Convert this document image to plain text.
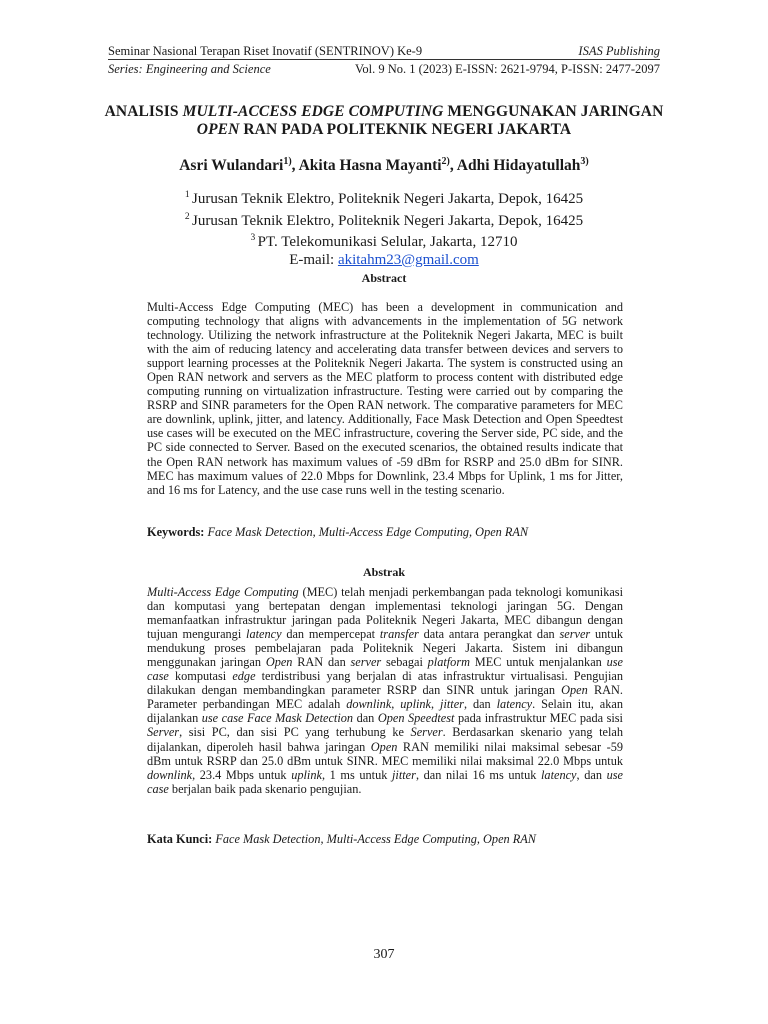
Seminar Nasional Terapan Riset Inovatif (SENTRINOV) Ke-9	ISAS Publishing
Series: Engineering and Science	Vol. 9 No. 1 (2023) E-ISSN: 2621-9794, P-ISSN: 2477-2097
ANALISIS MULTI-ACCESS EDGE COMPUTING MENGGUNAKAN JARINGAN OPEN RAN PADA POLITEKNIK NEGERI JAKARTA
Asri Wulandari$^{1)}$, Akita Hasna Mayanti$^{2)}$, Adhi Hidayatullah$^{3)}$
$^1$ Jurusan Teknik Elektro, Politeknik Negeri Jakarta, Depok, 16425
$^2$ Jurusan Teknik Elektro, Politeknik Negeri Jakarta, Depok, 16425
$^3$ PT. Telekomunikasi Selular, Jakarta, 12710
E-mail: akitahm23@gmail.com
Abstract
Multi-Access Edge Computing (MEC) has been a development in communication and computing technology that aligns with advancements in the implementation of 5G network technology. Utilizing the network infrastructure at the Politeknik Negeri Jakarta, MEC is built with the aim of reducing latency and accelerating data transfer between devices and servers to support learning processes at the Politeknik Negeri Jakarta. The system is constructed using an Open RAN network and servers as the MEC platform to process content with distributed edge computing running on virtualization infrastructure. Testing were carried out by comparing the RSRP and SINR parameters for the Open RAN network. The comparative parameters for MEC are downlink, uplink, jitter, and latency. Additionally, Face Mask Detection and Open Speedtest use cases will be executed on the MEC infrastructure, covering the Server side, PC side, and the PC side connected to Server. Based on the executed scenarios, the obtained results indicate that the Open RAN network has maximum values of -59 dBm for RSRP and 25.0 dBm for SINR. MEC has maximum values of 22.0 Mbps for Downlink, 23.4 Mbps for Uplink, 1 ms for Jitter, and 16 ms for Latency, and the use case runs well in the testing scenario.
Keywords: Face Mask Detection, Multi-Access Edge Computing, Open RAN
Abstrak
Multi-Access Edge Computing (MEC) telah menjadi perkembangan pada teknologi komunikasi dan komputasi yang bertepatan dengan implementasi teknologi jaringan 5G. Dengan memanfaatkan infrastruktur jaringan pada Politeknik Negeri Jakarta, MEC dibangun dengan tujuan mengurangi latency dan mempercepat transfer data antara perangkat dan server untuk mendukung proses pembelajaran pada Politeknik Negeri Jakarta. Sistem ini dibangun menggunakan jaringan Open RAN dan server sebagai platform MEC untuk menjalankan use case komputasi edge terdistribusi yang berjalan di atas infrastruktur virtualisasi. Pengujian dilakukan dengan membandingkan parameter RSRP dan SINR untuk jaringan Open RAN. Parameter perbandingan MEC adalah downlink, uplink, jitter, dan latency. Selain itu, akan dijalankan use case Face Mask Detection dan Open Speedtest pada infrastruktur MEC pada sisi Server, sisi PC, dan sisi PC yang terhubung ke Server. Berdasarkan skenario yang telah dijalankan, diperoleh hasil bahwa jaringan Open RAN memiliki nilai maksimal sebesar -59 dBm untuk RSRP dan 25.0 dBm untuk SINR. MEC memiliki nilai maksimal 22.0 Mbps untuk downlink, 23.4 Mbps untuk uplink, 1 ms untuk jitter, dan nilai 16 ms untuk latency, dan use case berjalan baik pada skenario pengujian.
Kata Kunci: Face Mask Detection, Multi-Access Edge Computing, Open RAN
307
